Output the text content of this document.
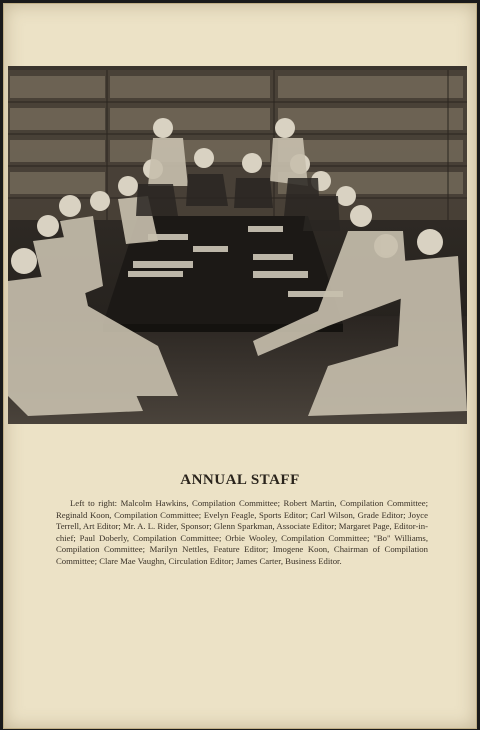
ANNUAL STAFF
Left to right: Malcolm Hawkins, Compilation Committee; Robert Martin, Compilation Committee; Reginald Koon, Compilation Committee; Evelyn Feagle, Sports Editor; Carl Wilson, Grade Editor; Joyce Terrell, Art Editor; Mr. A. L. Rider, Sponsor; Glenn Sparkman, Associate Editor; Margaret Page, Editor-in-chief; Paul Doberly, Compilation Committee; Orbie Wooley, Compilation Committee; "Bo" Williams, Compilation Committee; Marilyn Nettles, Feature Editor; Imogene Koon, Chairman of Compilation Committee; Clare Mae Vaughn, Circulation Editor; James Carter, Business Editor.
